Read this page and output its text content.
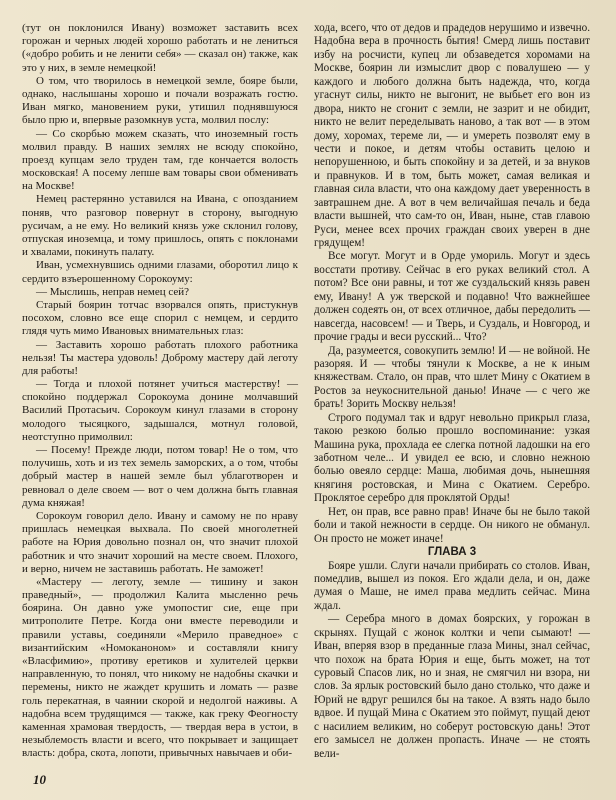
(тут он поклонился Ивану) возможет заставить всех горожан и черных людей хорошо работать и не лениться («добро робить и не ленити себя» — сказал он) также, как это у них, в земле немецкой!

О том, что творилось в немецкой земле, бояре были, однако, наслышаны хорошо и почали возражать гостю. Иван мягко, мановением руки, утишил поднявшуюся было прю и, впервые разомкнув уста, молвил послу:

— Со скорбью можем сказать, что иноземный гость молвил правду. В наших землях не всюду спокойно, проезд купцам зело труден там, где кончается волость московская! А посему лепше вам товары свои обменивать на Москве!

Немец растерянно уставился на Ивана, с опозданием поняв, что разговор повернут в сторону, выгодную русичам, а не ему. Но великий князь уже склонил голову, отпуская иноземца, и тому пришлось, опять с поклонами и хвалами, покинуть палату.

Иван, усмехнувшись одними глазами, оборотил лицо к сердито взъерошенному Сорокоуму:

— Мыслишь, неправ немец сей?

Старый боярин тотчас взорвался опять, пристукнув посохом, словно все еще спорил с немцем, и сердито глядя чуть мимо Ивановых внимательных глаз:

— Заставить хорошо работать плохого работника нельзя! Ты мастера удоволь! Доброму мастеру дай леготу для работы!

— Тогда и плохой потянет учиться мастерству! — спокойно поддержал Сорокоума донине молчавший Василий Протасьич. Сорокоум кинул глазами в сторону молодого тысяцкого, задышался, мотнул головой, неотступно примолвил:

— Посему! Прежде люди, потом товар! Не о том, что получишь, хоть и из тех земель заморских, а о том, чтобы добрый мастер в нашей земле был ублаготворен и ревновал о деле своем — вот о чем должна быть главная дума княжая!

Сорокоум говорил дело. Ивану и самому не по нраву пришлась немецкая выхвала. По своей многолетней работе на Юрия довольно познал он, что значит плохой работник и что значит хороший на месте своем. Плохого, и верно, ничем не заставишь работать. Не заможет!

«Мастеру — леготу, земле — тишину и закон праведный», — продолжил Калита мысленно речь боярина. Он давно уже умопостиг сие, еще при митрополите Петре. Когда они вместе переводили и правили уставы, соединяли «Мерило праведное» с византийским «Номоканоном» и составляли книгу «Власфимию», противу еретиков и хулителей церкви направленную, то понял, что никому не надобны скачки и перемены, никто не жаждет крушить и ломать — разве голь перекатная, в чаянии скорой и недолгой наживы. А надобна всем трудящимся — также, как греку Феогносту каменная храмовая твердость, — твердая вера в устои, в незыблемость власти и всего, что покрывает и защищает власть: добра, скота, лопоти, привычных навычаев и оби-

хода, всего, что от дедов и прадедов нерушимо и извечно. Надобна вера в прочность бытия! Смерд лишь поставит избу на росчисти, купец ли обзаведется хоромами на Москве, боярин ли измыслит двор с повалушею — у каждого и любого должна быть надежда, что, когда угаснут силы, никто не выгонит, не выбьет его вон из двора, никто не сгонит с земли, не зазрит и не обидит, никто не велит переделывать наново, а так вот — в этом дому, хоромах, тереме ли, — и умереть позволят ему в чести и покое, и детям чтобы оставить целою и непорушенною, и быть спокойну и за детей, и за внуков и правнуков. И в том, быть может, самая великая и главная сила власти, что она каждому дает уверенность в завтрашнем дне. А вот в чем величайшая печаль и беда власти вышней, что сам-то он, Иван, ныне, став главою Руси, менее всех прочих граждан своих уверен в дне грядущем!

Все могут. Могут и в Орде умориль. Могут и здесь восстати противу. Сейчас в его руках великий стол. А потом? Все они равны, и тот же суздальский князь равен ему, Ивану! А уж тверской и подавно! Что важнейшее должен содеять он, от всех отличное, дабы передолить — навсегда, насовсем! — и Тверь, и Суздаль, и Новгород, и прочие грады и веси русский... Что?

Да, разумеется, совокупить землю! И — не войной. Не разоряя. И — чтобы тянули к Москве, а не к иным княжествам. Стало, он прав, что шлет Мину с Окатием в Ростов за неукоснительной данью! Иначе — с чего же брать! Зорить Москву нельзя!

Строго подумал так и вдруг невольно прикрыл глаза, такою резкою болью прошло воспоминание: узкая Машина рука, прохлада ее слегка потной ладошки на его заботном челе... И увидел ее всю, и словно нежною болью овеяло сердце: Маша, любимая дочь, нынешняя княгиня ростовская, и Мина с Окатием. Серебро. Проклятое серебро для проклятой Орды!

Нет, он прав, все равно прав! Иначе бы не было такой боли и такой нежности в сердце. Он никого не обманул. Он просто не может иначе!

ГЛАВА 3

Бояре ушли. Слуги начали прибирать со столов. Иван, помедлив, вышел из покоя. Его ждали дела, и он, даже думая о Маше, не имел права медлить сейчас. Мина ждал.

— Серебра много в домах боярских, у горожан в скрынях. Пущай с жонок колтки и чепи сымают! — Иван, вперяя взор в преданные глаза Мины, знал сейчас, что похож на брата Юрия и еще, быть может, на тот суровый Спасов лик, но и зная, не смягчил ни взора, ни слов. За ярлык ростовский было дано столько, что даже и Юрий не вдруг решился бы на такое. А взять надо было вдвое. И пущай Мина с Окатием это поймут, пущай деют с насилием великим, но соберут ростовскую дань! Этот его замысел не должен пропасть. Иначе — не стоять вели-

10
